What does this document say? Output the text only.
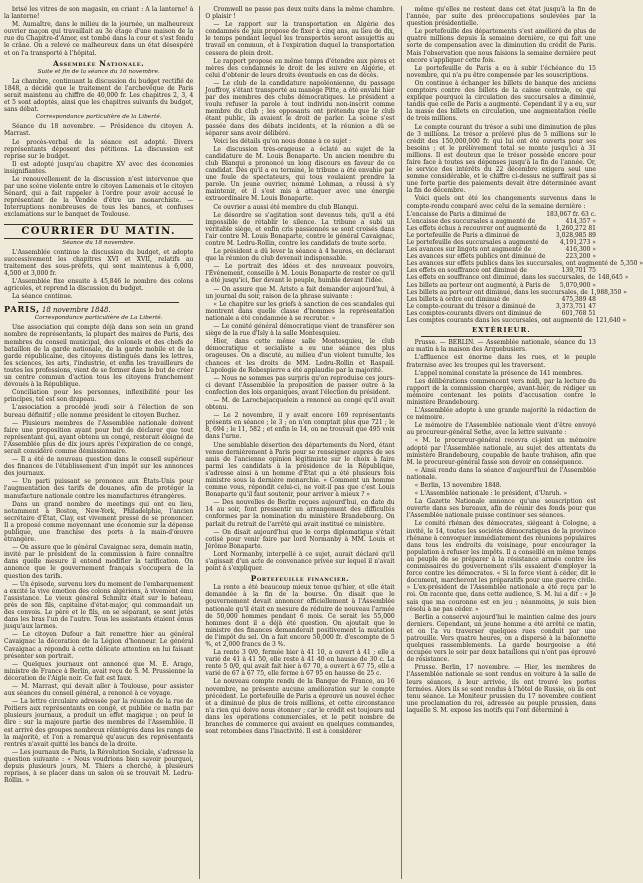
brisé les vitres de son magasin, en criant : A la lanterne! à la lanterne!

M. Aumaître, dans le milieu de la journée, un malheureux ouvrier maçon qui travaillait au 3e étage d'une maison de la rue du Chapitre-d'Amor, est tombé dans la cour et s'est fendu le crâne. On a relevé ce malheureux dans un état désespéré et on l'a transporté à l'hôpital.

Assemblée Nationale.
Suite et fin de la séance du 16 novembre.

La chambre, continuant la discussion du budget rectifié de 1848, a décidé que le traitement de l'archevêque de Paris serait maintenu au chiffre de 40,000 fr. Les chapitres 2, 3, 4 et 5 sont adoptés, ainsi que les chapitres suivants du budget, sans débat.

Correspondance particulière de la Liberté.

Séance du 18 novembre. — Présidence du citoyen A. Marrast.

Le procès-verbal de la séance est adopté. Divers représentants déposent des pétitions. La discussion est reprise sur le budget.

Il est adopté jusqu'au chapitre XV avec des économies insignifiantes.

Le renouvellement de la discussion n'est intervenue que par une scène violente entre le citoyen Lamenais et le citoyen Sénard, qui a fait rappeler à l'ordre pour avoir accusé le représentant de la Vendée d'être un monarchiste. — Interruptions nombreuses de tous les bancs, et confuses exclamations sur le banquet de Toulouse.

COURRIER DU MATIN.
Séance du 18 novembre.

L'Assemblée continue la discussion du budget, et adopte successivement les chapitres XVI et XVII, relatifs au traitement des sous-préfets, qui sont maintenus à 6,000, 4,500 et 3,000 fr.

L'Assemblée fixe ensuite à 45,846 le nombre des colons agricoles, et reprend la discussion du budget.

La séance continue.

PARIS, 18 novembre 1848.
Correspondance particulière de La Liberté.

Une association qui compte déjà dans son sein un grand nombre de représentants, la plupart des maires de Paris, des membres du conseil municipal, des colonels et des chefs de bataillon de la garde nationale, de la garde mobile et de la garde républicaine, des citoyens distingués dans les lettres, les sciences, les arts, l'industrie, et enfin les travailleurs de toutes les professions, vient de se former dans le but de créer un centre commun d'action tous les citoyens franchement dévoués à la République.

Conciliation pour les personnes, inflexibilité pour les principes, tel est son drapeau.

L'association a procédé jeudi soir à l'élection de son bureau définitif ; elle nomme président le citoyen Buchez.

— Plusieurs membres de l'Assemblée nationale doivent faire une proposition ayant pour but de déclarer que tout représentant qui, ayant obtenu un congé, resterait éloigné de l'Assemblée plus de dix jours après l'expiration de ce congé, serait considéré comme démissionnaire.

— Il a été de nouveau question dans le conseil supérieur des finances de l'établissement d'un impôt sur les annonces des journaux.

— Un parti puissant se prononce aux États-Unis pour l'augmentation des tarifs de douanes, afin de protéger la manufacture nationale contre les manufactures étrangères.

Dans un grand nombre de meetings qui ont eu lieu, notamment à Boston, New-York, Philadelphie, l'ancien secrétaire d'État, Clay, est vivement pressé de se prononcer. Il a proposé comme moyennant une économie sur la dépense publique, une franchise des ports à la main-d'œuvre étrangère.

— On assure que le général Cavaignac sera, demain matin, invité par le président de la commission à faire connaître dans quelle mesure il entend modifier la tarification. On annonce que le gouvernement français s'occupera de la question des tarifs.

— Un épisode, survenu lors du moment de l'embarquement a excité la vive émotion des colons algériens, à vivement ému l'assistance. Le vieux général Schmitz était sur le bateau, près de son fils, capitaine d'état-major, qui commandait un des convois. Le père et le fils, en se séparant, se sont jetés dans les bras l'un de l'autre. Tous les assistants étaient émus jusqu'aux larmes.

— Le citoyen Dufour a fait remettre hier au général Cavaignac la décoration de la Légion d'honneur. Le général Cavaignac a répondu à cette délicate attention en lui faisant présenter son portrait.

— Quelques journaux ont annoncé que M. E. Arago, ministre de France à Berlin, avait reçu de S. M. Prussienne la décoration de l'Aigle noir. Ce fait est faux.

— M. Marrast, qui devait aller à Toulouse, pour assister aux séances du conseil général, a renoncé à ce voyage.

— La lettre circulaire adressée par la réunion de la rue de Poitiers aux représentants en congé, et publiée ce matin par plusieurs journaux, a produit un effet magique ; on peut le dire : sur la majeure partie des membres de l'Assemblée. Il est arrivé des groupes nombreux réintégrés dans les rangs de la majorité, et l'on a remarqué qu'aucun des représentants rentrés n'avait quitté les bancs de la droite.

— Les journaux de Paris, la Révolution Sociale, s'adresse la question suivante : « Nous voudrions bien savoir pourquoi, depuis plusieurs jours, M. Thiers a cherché, à plusieurs reprises, à se placer dans un salon où se trouvait M. Ledru-Rollin. »

Cromwell ne passe pas deux nuits dans la même chambre. O plaisir !

— Le rapport sur la transportation en Algérie des condamnés de juin propose de fixer à cinq ans, au lieu de dix, le temps pendant lequel les transportés seront assujettis au travail en commun, et à l'expiration duquel la transportation cessera de plein droit.

Le rapport propose en même temps d'étendre aux pères et mères des condamnés le droit de les suivre en Algérie, et celui d'obtenir de leurs droits éventuels en cas de décès.

— Le club de la candidature napoléonienne, du passage Jouffroy, s'étant transporté au manège Pitte, a été envahi hier par des membres des clubs démocratiques. Le président a voulu refuser la parole à tout individu non-inscrit comme membre du club ; les opposants ont prétendu que le club étant public, ils avaient le droit de parler. La scène s'est passée dans des débats incidents, et la réunion a dû se séparer sans avoir délibéré.

Voici les détails qu'on nous donne à ce sujet :

Le discussion très-orageuse a éclaté au sujet de la candidature de M. Louis Bonaparte. Un ancien membre du club Blanqui a prononcé un long discours en faveur de ce candidat. Dès qu'il a eu terminé, le tribune a été envahie par une foule de spectateurs, qui tous voulaient prendre la parole. Un jeune ouvrier, nommé Lohman, a réussi à s'y maintenir, et il s'est mis à attaquer avec une énergie extraordinaire M. Louis Bonaparte.

Ce ouvrier a aussi été membre du club Blanqui.

Le désordre se s'agitation sont devenus tels, qu'il a été impossible de rétablir le silence. La tribune a subi un véritable siège, et enfin cris passionnés se sont croisés dans l'air contre M. Louis Bonaparte, contre le général Cavaignac, contre M. Ledru-Rollin, contre les candidats de toute sorte.

Le président a dû lever la séance à 4 heures, en déclarant que la réunion du club devenait indispensable.

— Le portrait des idées et des nouveaux pouvoirs, l'Événement, conseille à M. Louis Bonaparte de rester ce qu'il a été jusqu'ici, fier devant le peuple, humble devant l'idée.

— On assure que M. Aristo a fait demander aujourd'hui, à un journal du soir, raison de la phrase suivante :

« Le chapitre sur les griefs à sanction de ces scandales qui montrent dans quelle classe d'hommes la représentation nationale a été condamnée à se recruter. »

— Le comité général démocratique vient de transférer son siège de la rue d'Isly à la salle Montesquieu.

Hier, dans cette même salle Montesquieu, le club démocratique et socialiste a eu une séance des plus orageuses. On a discuté, au milieu d'un violent tumulte, les chances et les droits de MM. Ledru-Rollin et Raspail. L'apologie de Robespierre a été applaudie par la majorité.

— Nous ne sommes pas surpris qu'on reproduise ces jours-ci devant l'Assemblée la proposition de passer outre à la confection des lois organiques, avant l'élection du président.

— M. de Larochejacquelein a renoncé au congé qu'il avait obtenu.

— Le 2 novembre, il y avait encore 169 représentants présents en séance ; le 3 ; on n'en comptait plus que 721 ; le 8, 694 ; le 11, 582 ; et enfin le 14, on ne trouvait que 495 voix dans l'urne.

Une semblable désertion des départements du Nord, étant venue dernièrement à Paris pour se renseigner auprès de ses amis de l'ancienne opinion légitimiste sur le choix à faire parmi les candidats à la présidence de la République, s'adresse ainsi à un homme d'État qui a été plusieurs fois ministre sous la dernière monarchie. « Comment un homme comme vous, répondit celui-ci, ne voit-il pas que c'est Louis Bonaparte qu'il faut soutenir, pour arriver à mieux ? »

— Des nouvelles de Berlin reçues aujourd'hui, en date du 14 au soir, font pressentir un arrangement des difficultés conformes par la nomination du ministère Brandebourg. On parlait du retrait de l'arrêté qui avait institué ce ministère.

— On disait aujourd'hui que le corps diplomatique s'était cotisé pour venir faire par lord Normanby à MM. Louis et Jérôme Bonaparte.

Lord Normanby, interpellé à ce sujet, aurait déclaré qu'il s'agissait d'un acte de convenance privée sur lequel il n'avait point à s'expliquer.

Portefeuille financier.

La rente a été beaucoup mieux tenue qu'hier, et elle était demandée à la fin de la bourse. On disait que le gouvernement devait annoncer officiellement à l'Assemblée nationale qu'il était en mesure de réduire de nouveau l'armée de 50,000 hommes pendant 6 mois. Ce serait les 55,000 hommes dont il a déjà été question. On ajoutait que le ministre des finances demanderait positivement la mutation de l'impôt du sel. On a fait encore 50,000 fr. d'escompte de 5 %, et 2,000 francs de 3 %.

La rente 3 0/0, fermée hier à 41 10, a ouvert à 41 ; elle a varié de 41 à 41 50, elle reste à 41 40 en hausse de 30 c. La rente 5 0/0, qui avait fait hier à 67 70, a ouvert à 67 75, elle a varié de 67 à 67 75, elle ferme à 67 95 en hausse de 25 c.

Le nouveau compte rendu de la Banque de France, au 16 novembre, ne présente aucune amélioration sur le compte précédent. Le portefeuille de Paris a éprouvé un nouvel échec et a diminué de plus de trois millions, et cette circonstance n'a rien qui doive nous étonner ; car le crédit est toujours nul dans les opérations commerciales, et le petit nombre de branches de commerce qui avaient eu quelques commandes, sont retombées dans l'inactivité. Il est à considérer

même qu'elles ne restent dans cet état jusqu'à la fin de l'année, par suite des préoccupations soulevées par la question présidentielle.

Le portefeuille des départements s'est amélioré de plus de quatre millions depuis la semaine dernière, ce qui fait une sorte de compensation avec la diminution du crédit de Paris. Mais l'observation que nous faisions la semaine dernière peut encore s'appliquer cette fois.

Le portefeuille de Paris a eu à subir l'échéance du 15 novembre, qui n'a pu être compensée par les souscriptions.

On continue à échanger les billets de banque des anciens comptoirs contre des billets de la caisse centrale, ce qui explique pourquoi la circulation des succursales a diminué, tandis que celle de Paris a augmenté. Cependant il y a eu, sur la masse des billets en circulation, une augmentation réelle de trois millions.

Le compte courant du trésor a subi une diminution de plus de 3 millions. Le trésor a prélevé plus de 5 millions sur le crédit des 150,000,000 fr. qui lui ont été ouverts pour ses besoins ; et le prélèvement total se monte jusqu'ici à 31 millions. Il est douteux que le trésor possède encore pour faire face à toutes ses dépenses jusqu'à la fin de l'année. Or, le service des intérêts du 22 décembre exigera seul une somme considérable, et le chiffre ci-dessus ne suffirait pas si une forte partie des paiements devait être déterminée avant la fin de décembre.

Voici quels ont été les changements survenus dans le compte-rendu comparé avec celui de la semaine dernière :

L'encaisse de Paris a diminué de	183,067 fr. 63 c.
L'encaisse des succursales a augmenté de	414,357 »
Les effets échus à recouvrer ont augmenté de	1,260,272 81
Le portefeuille de Paris a diminué de	3,028,985 89
Le portefeuille des succursales a augmenté de	4,191,273 »
Les avances sur lingots ont augmenté de	416,300 »
Les avances sur effets publics ont diminué de	223,200 »
Les avances sur effets publics dans les succursales, ont augmenté de 5,350 »
Les effets en souffrance ont diminué de	139,701 75
Les effets en souffrance ont diminué, dans les succursales, de 148,645 »
Les billets au porteur ont augmenté, à Paris de	5,070,900 »
Les billets au porteur ont diminué, dans les succursales, de 1,988,350 »
Les billets à ordre ont diminué de	475,389 48
Le compte-courant du trésor a diminué de	3,373,751 47
Les comptes-courants divers ont diminué de	601,768 51
Les comptes courants dans les succursales, ont augmenté de 121,640 »
EXTÉRIEUR.

Prusse. — BERLIN. — Assemblée nationale, séance du 13 au matin à la maison des Arquebusiers.

L'affluence est énorme dans les rues, et le peuple fraternise avec les troupes qui les traversent.

L'appel nominal constate la présence de 141 membres.

Les délibérations commencent vers midi, par la lecture du rapport de la commission chargée, avant-hier, de rédiger un mémoire contenant les points d'accusation contre le ministère Brandebourg.

L'Assemblée adopte à une grande majorité la rédaction de ce mémoire.

Le mémoire de l'Assemblée nationale vient d'être envoyé au procureur-général Sethe, avec la lettre suivante :

« M. le procureur-général recevra ci-joint un mémoire adopté par l'Assemblée nationale, au sujet des attentats du ministère Brandebourg, coupable de haute trahison, afin que M. le procureur-général fasse son devoir en conséquence.

« Ainsi rendu dans la séance d'aujourd'hui de l'Assemblée nationale.

« Berlin, 13 novembre 1848.

« L'Assemblée nationale : le président, d'Unruh. »

La Gazette Nationale annonce qu'une souscription est ouverte dans ses bureaux, afin de réunir des fonds pour que l'Assemblée nationale puisse continuer ses séances.

Le comité rhénan des démocrates, siégeant à Cologne, a invité, le 14, toutes les sociétés démocratiques de la province rhénane à convoquer immédiatement des réunions populaires dans tous les endroits du voisinage, pour encourager la population à refuser les impôts. Il a conseillé en même temps au peuple de se préparer à la résistance armée contre les commissaires du gouvernement s'ils essaient d'employer la force contre les démocrates. « Si la force vient à céder, dit le document, marcheront les préparatifs pour une guerre civile. » L'ex-président de l'Assemblée nationale a été reçu par le roi. On raconte que, dans cette audience, S. M. lui a dit : « Je sais que ma couronne est en jeu ; néanmoins, je suis bien résolu à ne pas céder. »

Berlin a conservé aujourd'hui le maintien calme des jours derniers. Cependant, un jeune homme a été arrêté ce matin, et on l'a vu traverser quelques rues conduit par une patrouille. Vers quatre heures, on a dispersé à la baïonnette quelques rassemblements. La garde bourgeoise a été occupée vers le soir par deux bataillons qui n'ont pas éprouvé de résistance.

Prusse. Berlin, 17 novembre. — Hier, les membres de l'Assemblée nationale se sont rendus en voiture à la salle de leurs séances, à leur arrivée, ils ont trouvé les portes fermées. Alors ils se sont rendus à l'hôtel de Russie, où ils ont tenu séance. Le Moniteur prussien du 17 novembre contient une proclamation du roi, adressée au peuple prussien, dans laquelle S. M. expose les motifs qui l'ont déterminé à
